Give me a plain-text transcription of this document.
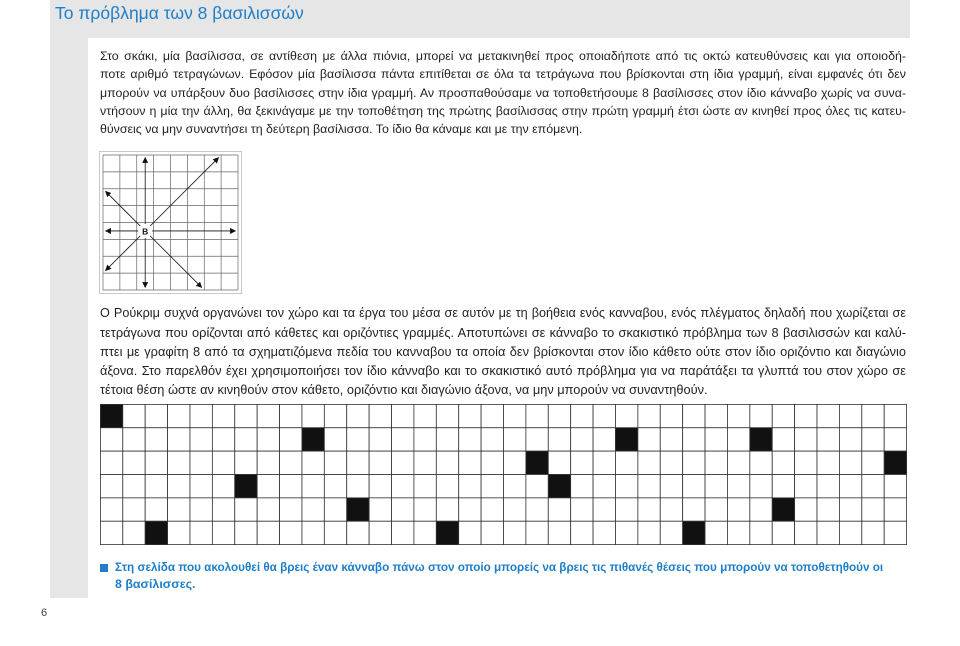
Το πρόβλημα των 8 βασιλισσών
Στο σκάκι, μία βασίλισσα, σε αντίθεση με άλλα πιόνια, μπορεί να μετακινηθεί προς οποιαδήποτε από τις οκτώ κατευθύνσεις και για οποιοδή-
ποτε αριθμό τετραγώνων. Εφόσον μία βασίλισσα πάντα επιτίθεται σε όλα τα τετράγωνα που βρίσκονται στη ίδια γραμμή, είναι εμφανές ότι δεν
μπορούν να υπάρξουν δυο βασίλισσες στην ίδια γραμμή. Αν προσπαθούσαμε να τοποθετήσουμε 8 βασίλισσες στον ίδιο κάνναβο χωρίς να συνα-
ντήσουν η μία την άλλη, θα ξεκινάγαμε με την τοποθέτηση της πρώτης βασίλισσας στην πρώτη γραμμή έτσι ώστε αν κινηθεί προς όλες τις κατευ-
θύνσεις να μην συναντήσει τη δεύτερη βασίλισσα. Το ίδιο θα κάναμε και με την επόμενη.
B
Ο Ρούκριμ συχνά οργανώνει τον χώρο και τα έργα του μέσα σε αυτόν με τη βοήθεια ενός κανναβου, ενός πλέγματος δηλαδή που χωρίζεται σε
τετράγωνα που ορίζονται από κάθετες και οριζόντιες γραμμές. Αποτυπώνει σε κάνναβο το σκακιστικό πρόβλημα των 8 βασιλισσών και καλύ-
πτει με γραφίτη 8 από τα σχηματιζόμενα πεδία του κανναβου τα οποία δεν βρίσκονται στον ίδιο κάθετο ούτε στον ίδιο οριζόντιο και διαγώνιο
άξονα. Στο παρελθόν έχει χρησιμοποιήσει τον ίδιο κάνναβο και το σκακιστικό αυτό πρόβλημα για να παράτάξει τα γλυπτά του στον χώρο σε
τέτοια θέση ώστε αν κινηθούν στον κάθετο, οριζόντιο και διαγώνιο άξονα, να μην μπορούν να συναντηθούν.
Στη σελίδα που ακολουθεί θα βρεις έναν κάνναβο πάνω στον οποίο μπορείς να βρεις τις πιθανές θέσεις που μπορούν να τοποθετηθούν οι
8 βασίλισσες.
6
